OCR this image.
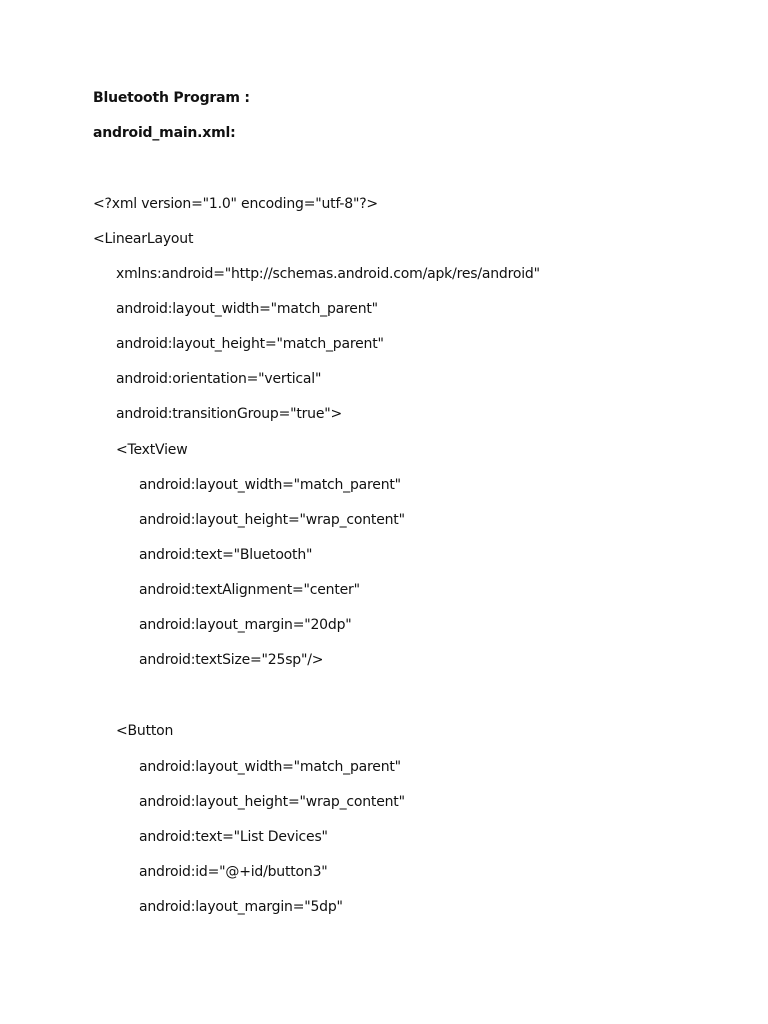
Bluetooth Program :
android_main.xml:
<?xml version="1.0" encoding="utf-8"?>
<LinearLayout
xmlns:android="http://schemas.android.com/apk/res/android"
android:layout_width="match_parent"
android:layout_height="match_parent"
android:orientation="vertical"
android:transitionGroup="true">
<TextView
android:layout_width="match_parent"
android:layout_height="wrap_content"
android:text="Bluetooth"
android:textAlignment="center"
android:layout_margin="20dp"
android:textSize="25sp"/>
<Button
android:layout_width="match_parent"
android:layout_height="wrap_content"
android:text="List Devices"
android:id="@+id/button3"
android:layout_margin="5dp"
